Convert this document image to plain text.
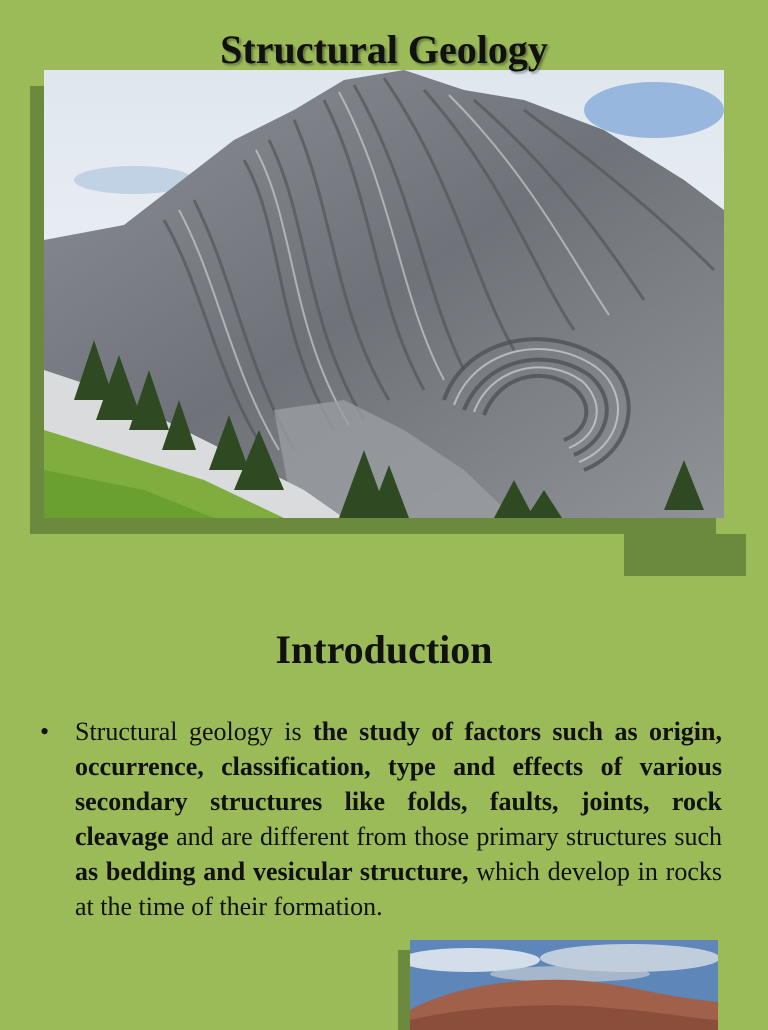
Structural Geology
Introduction
• Structural geology is the study of factors such as origin, occurrence, classification, type and effects of various secondary structures like folds, faults, joints, rock cleavage and are different from those primary structures such as bedding and vesicular structure, which develop in rocks at the time of their formation.
